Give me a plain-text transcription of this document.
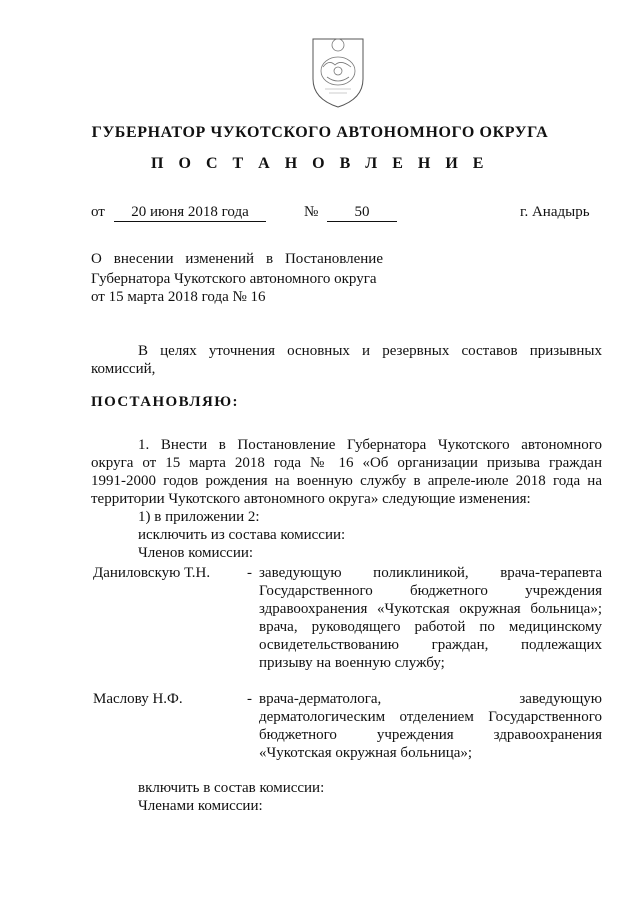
ГУБЕРНАТОР ЧУКОТСКОГО АВТОНОМНОГО ОКРУГА
П О С Т А Н О В Л Е Н И Е
от	20 июня 2018 года	№	50	г. Анадырь
О внесении изменений в Постановление
Губернатора Чукотского автономного округа
от 15 марта 2018 года № 16
В целях уточнения основных и резервных составов призывных
комиссий,
ПОСТАНОВЛЯЮ:
1. Внести в Постановление Губернатора Чукотского автономного
округа от 15 марта 2018 года № 16 «Об организации призыва граждан
1991-2000 годов рождения на военную службу в апреле-июле 2018 года на
территории Чукотского автономного округа» следующие изменения:
1) в приложении 2:
исключить из состава комиссии:
Членов комиссии:
Даниловскую Т.Н. - заведующую поликлиникой, врача-терапевта
Государственного бюджетного учреждения
здравоохранения «Чукотская окружная больница»;
врача, руководящего работой по медицинскому
освидетельствованию граждан, подлежащих
призыву на военную службу;
Маслову Н.Ф.	- врача-дерматолога, заведующую
дерматологическим отделением Государственного
бюджетного учреждения здравоохранения
«Чукотская окружная больница»;
включить в состав комиссии:
Членами комиссии:
